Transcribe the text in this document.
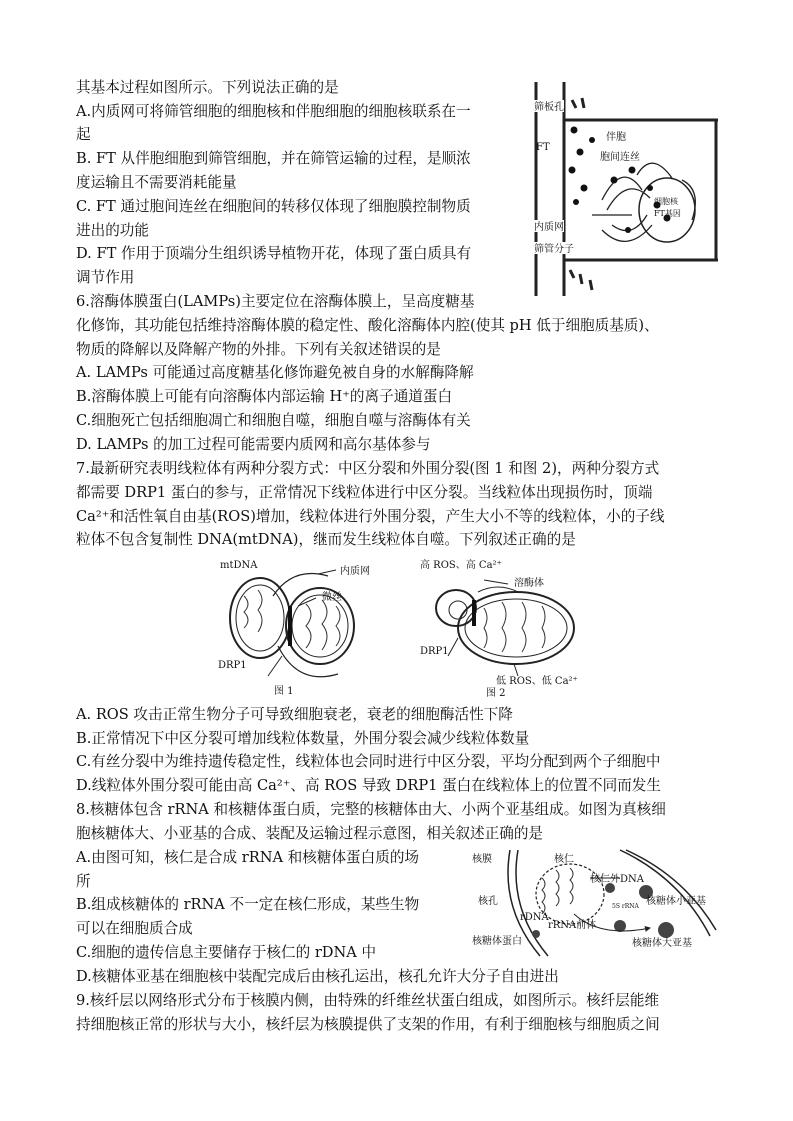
其基本过程如图所示。下列说法正确的是
A.内质网可将筛管细胞的细胞核和伴胞细胞的细胞核联系在一
起
B. FT 从伴胞细胞到筛管细胞，并在筛管运输的过程，是顺浓
度运输且不需要消耗能量
C. FT 通过胞间连丝在细胞间的转移仅体现了细胞膜控制物质
进出的功能
D. FT 作用于顶端分生组织诱导植物开花，体现了蛋白质具有
调节作用
筛板孔
FT
伴胞
胞间连丝
内质网
筛管分子
细胞核
FT基因
6.溶酶体膜蛋白(LAMPs)主要定位在溶酶体膜上，呈高度糖基
化修饰，其功能包括维持溶酶体膜的稳定性、酸化溶酶体内腔(使其 pH 低于细胞质基质)、
物质的降解以及降解产物的外排。下列有关叙述错误的是
A. LAMPs 可能通过高度糖基化修饰避免被自身的水解酶降解
B.溶酶体膜上可能有向溶酶体内部运输 H⁺的离子通道蛋白
C.细胞死亡包括细胞凋亡和细胞自噬，细胞自噬与溶酶体有关
D. LAMPs 的加工过程可能需要内质网和高尔基体参与
7.最新研究表明线粒体有两种分裂方式：中区分裂和外围分裂(图 1 和图 2)，两种分裂方式
都需要 DRP1 蛋白的参与，正常情况下线粒体进行中区分裂。当线粒体出现损伤时，顶端
Ca²⁺和活性氧自由基(ROS)增加，线粒体进行外围分裂，产生大小不等的线粒体，小的子线
粒体不包含复制性 DNA(mtDNA)，继而发生线粒体自噬。下列叙述正确的是
mtDNA
内质网
微丝
DRP1
图 1
高 ROS、高 Ca²⁺
溶酶体
DRP1
低 ROS、低 Ca²⁺
图 2
A. ROS 攻击正常生物分子可导致细胞衰老，衰老的细胞酶活性下降
B.正常情况下中区分裂可增加线粒体数量，外围分裂会减少线粒体数量
C.有丝分裂中为维持遗传稳定性，线粒体也会同时进行中区分裂，平均分配到两个子细胞中
D.线粒体外围分裂可能由高 Ca²⁺、高 ROS 导致 DRP1 蛋白在线粒体上的位置不同而发生
8.核糖体包含 rRNA 和核糖体蛋白质，完整的核糖体由大、小两个亚基组成。如图为真核细
胞核糖体大、小亚基的合成、装配及运输过程示意图，相关叙述正确的是
A.由图可知，核仁是合成 rRNA 和核糖体蛋白质的场
所
B.组成核糖体的 rRNA 不一定在核仁形成，某些生物
可以在细胞质合成
C.细胞的遗传信息主要储存于核仁的 rDNA 中
D.核糖体亚基在细胞核中装配完成后由核孔运出，核孔允许大分子自由进出
核膜	核仁
核仁外DNA
核孔
rDNA
5S rRNA 核糖体小亚基
rRNA前体
核糖体蛋白	核糖体大亚基
9.核纤层以网络形式分布于核膜内侧，由特殊的纤维丝状蛋白组成，如图所示。核纤层能维
持细胞核正常的形状与大小，核纤层为核膜提供了支架的作用，有利于细胞核与细胞质之间
